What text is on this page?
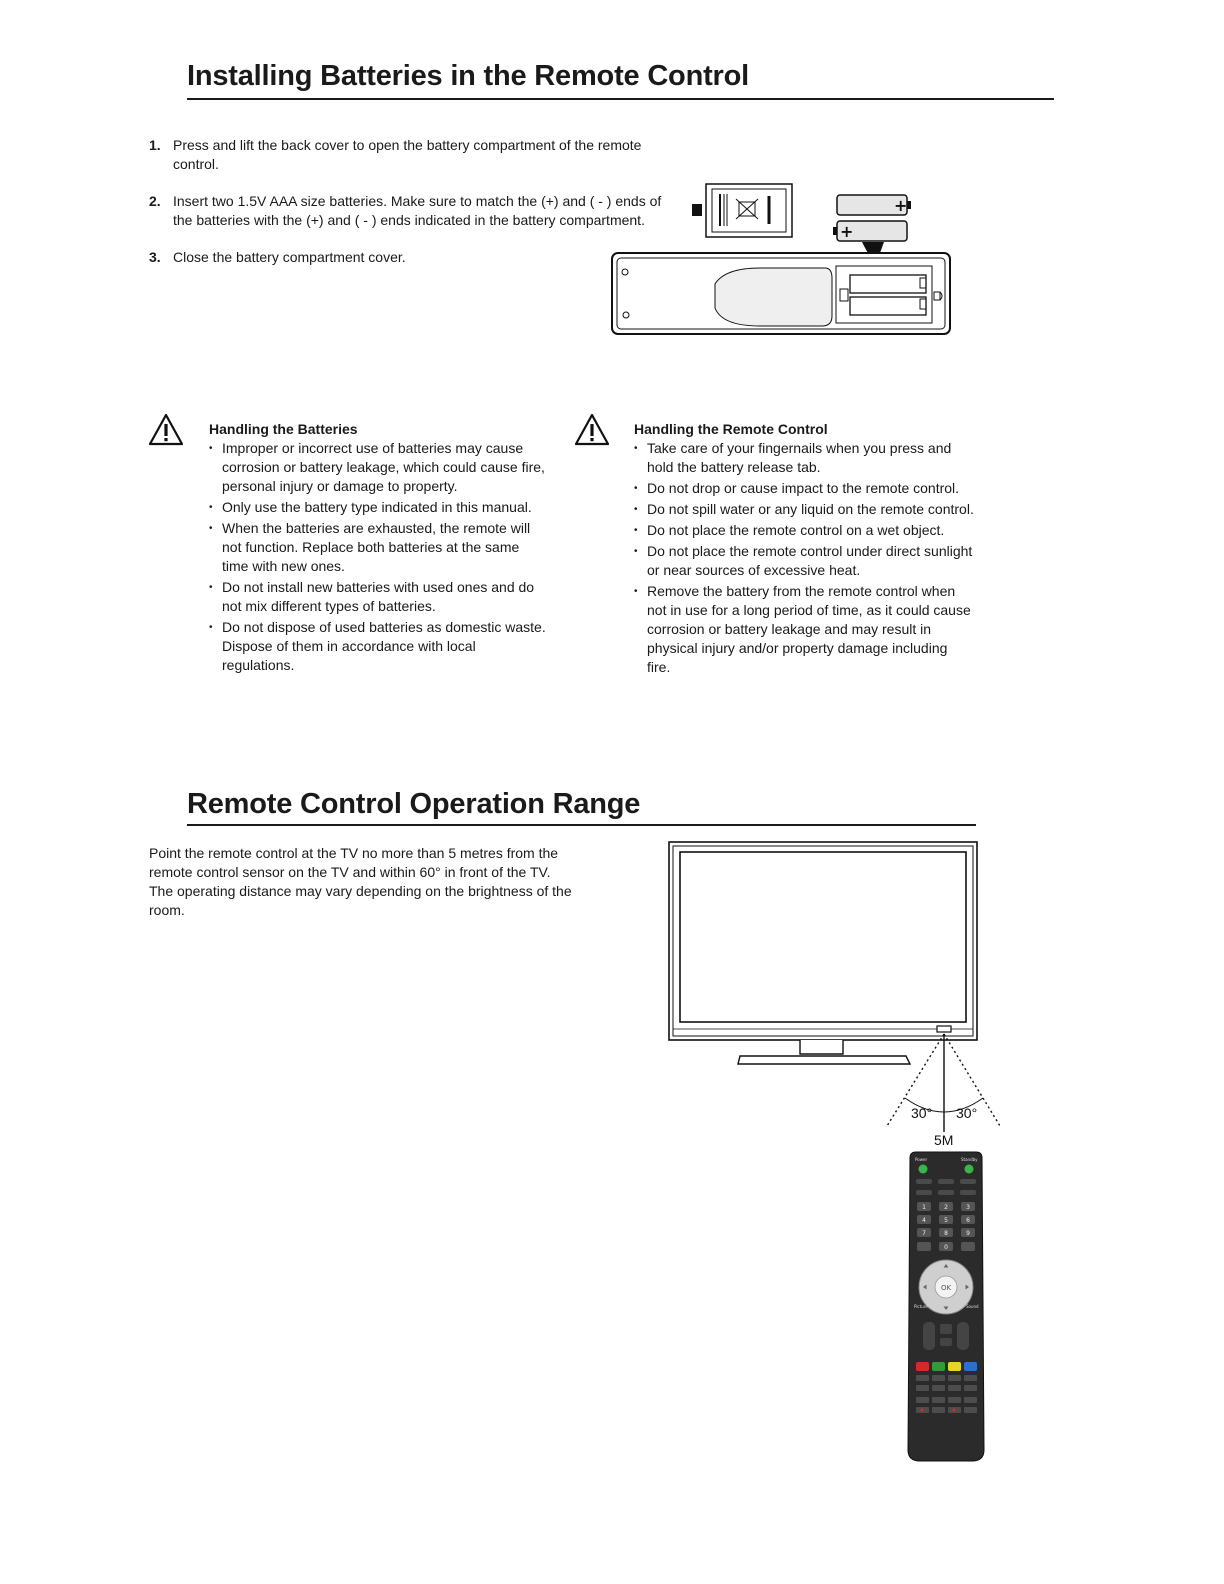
Installing Batteries in the Remote Control
1. Press and lift the back cover to open the battery compartment of the remote control.
2. Insert two 1.5V AAA size batteries. Make sure to match the (+) and ( - ) ends of the batteries with the (+) and ( - ) ends indicated in the battery compartment.
3. Close the battery compartment cover.
+
+

Handling the Batteries

• Improper or incorrect use of batteries may cause corrosion or battery leakage, which could cause fire, personal injury or damage to property.
• Only use the battery type indicated in this manual.
• When the batteries are exhausted, the remote will not function. Replace both batteries at the same time with new ones.
• Do not install new batteries with used ones and do not mix different types of batteries.
• Do not dispose of used batteries as domestic waste. Dispose of them in accordance with local regulations.

Handling the Remote Control

• Take care of your fingernails when you press and hold the battery release tab.
• Do not drop or cause impact to the remote control.
• Do not spill water or any liquid on the remote control.
• Do not place the remote control on a wet object.
• Do not place the remote control under direct sunlight or near sources of excessive heat.
• Remove the battery from the remote control when not in use for a long period of time, as it could cause corrosion or battery leakage and may result in physical injury and/or property damage including fire.
Remote Control Operation Range
Point the remote control at the TV no more than 5 metres from the
remote control sensor on the TV and within 60° in front of the TV.
The operating distance may vary depending on the brightness of the
room.
30° 30°
5M
Power	Standby
1	2	3
4	5	6
7	8	9
0
OK
Picture	Sound
